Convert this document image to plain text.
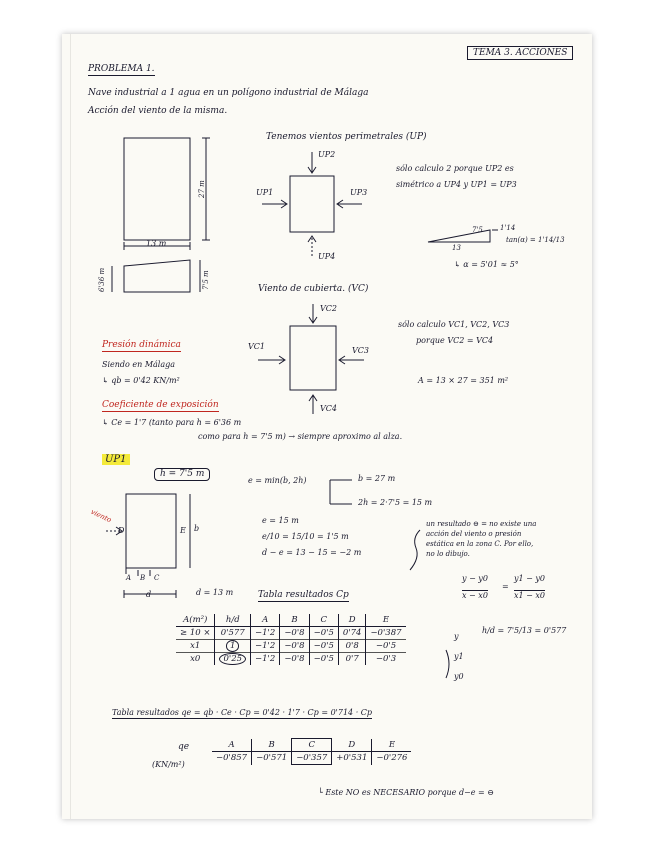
TEMA 3. ACCIONES
PROBLEMA 1.
Nave industrial a 1 agua en un polígono industrial de Málaga
Acción del viento de la misma.
27 m
13 m
6'36 m	7'5 m
Tenemos vientos perimetrales (UP)
UP2
UP1	UP3
UP4
sólo calculo 2 porque UP2 es
simétrico a UP4 y UP1 = UP3
7'5 1'14
13
tan(α) = 1'14/13
↳ α = 5'01 ≈ 5°
Viento de cubierta. (VC)
VC2
VC1	VC3
VC4
sólo calculo VC1, VC2, VC3
porque VC2 = VC4
A = 13 × 27 = 351 m²
Presión dinámica
Siendo en Málaga
↳ qb = 0'42 KN/m²
Coeficiente de exposición
↳ Ce = 1'7 (tanto para h = 6'36 m
como para h = 7'5 m) → siempre aproximo al alza.
UP1
h = 7'5 m
e = min(b, 2h)	b = 27 m
2h = 2·7'5 = 15 m
e = 15 m
e/10 = 15/10 = 1'5 m
d − e = 13 − 15 = −2 m
un resultado ⊖ = no existe una
acción del viento o presión
estática en la zona C. Por ello,
no lo dibujo.
viento
D	E b
A B C
d	d = 13 m
y − y0
x − x0
=
y1 − y0
x1 − x0
h/d = 7'5/13 = 0'577
Tabla resultados Cp
A(m²)	h/d	A	B	C	D	E
≥ 10 ×	0'577	−1'2	−0'8	−0'5	0'74	−0'387
x1	1	−1'2	−0'8	−0'5	0'8	−0'5
x0	0'25	−1'2	−0'8	−0'5	0'7	−0'3
y
y1
y0
Tabla resultados qe = qb · Ce · Cp = 0'42 · 1'7 · Cp = 0'714 · Cp
qe
(KN/m²)
A	B	C	D	E
−0'857	−0'571	−0'357	+0'531	−0'276
└ Este NO es NECESARIO porque d−e = ⊖
